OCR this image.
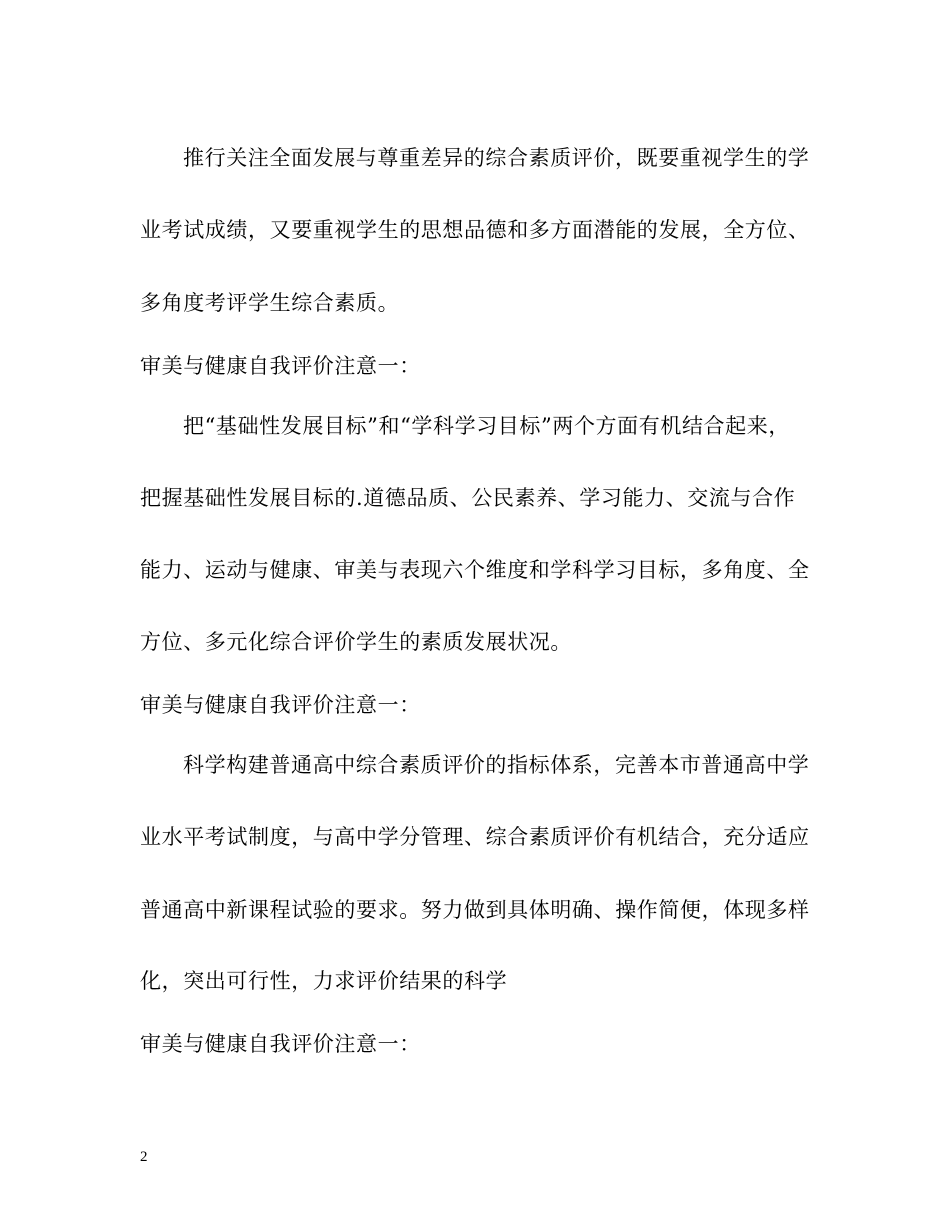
推行关注全面发展与尊重差异的综合素质评价，既要重视学生的学
业考试成绩，又要重视学生的思想品德和多方面潜能的发展，全方位、
多角度考评学生综合素质。
审美与健康自我评价注意一：
把“基础性发展目标”和“学科学习目标”两个方面有机结合起来，
把握基础性发展目标的.道德品质、公民素养、学习能力、交流与合作
能力、运动与健康、审美与表现六个维度和学科学习目标，多角度、全
方位、多元化综合评价学生的素质发展状况。
审美与健康自我评价注意一：
科学构建普通高中综合素质评价的指标体系，完善本市普通高中学
业水平考试制度，与高中学分管理、综合素质评价有机结合，充分适应
普通高中新课程试验的要求。努力做到具体明确、操作简便，体现多样
化，突出可行性，力求评价结果的科学
审美与健康自我评价注意一：
2
